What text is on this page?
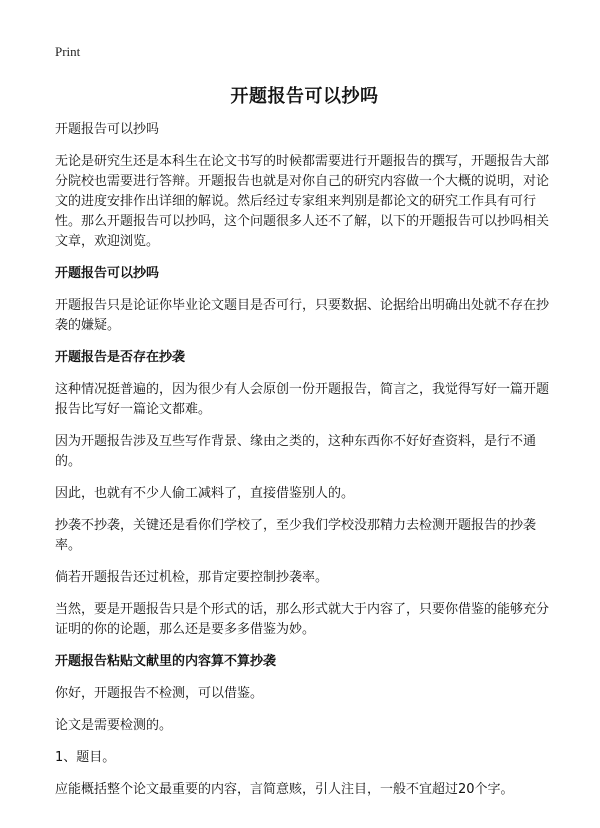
Print
开题报告可以抄吗

开题报告可以抄吗

无论是研究生还是本科生在论文书写的时候都需要进行开题报告的撰写，开题报告大部分院校也需要进行答辩。开题报告也就是对你自己的研究内容做一个大概的说明，对论文的进度安排作出详细的解说。然后经过专家组来判别是都论文的研究工作具有可行性。那么开题报告可以抄吗，这个问题很多人还不了解，以下的开题报告可以抄吗相关文章，欢迎浏览。

开题报告可以抄吗

开题报告只是论证你毕业论文题目是否可行，只要数据、论据给出明确出处就不存在抄袭的嫌疑。

开题报告是否存在抄袭

这种情况挺普遍的，因为很少有人会原创一份开题报告，简言之，我觉得写好一篇开题报告比写好一篇论文都难。

因为开题报告涉及互些写作背景、缘由之类的，这种东西你不好好查资料，是行不通的。

因此，也就有不少人偷工减料了，直接借鉴别人的。

抄袭不抄袭，关键还是看你们学校了，至少我们学校没那精力去检测开题报告的抄袭率。

倘若开题报告还过机检，那肯定要控制抄袭率。

当然，要是开题报告只是个形式的话，那么形式就大于内容了，只要你借鉴的能够充分证明的你的论题，那么还是要多多借鉴为妙。

开题报告粘贴文献里的内容算不算抄袭

你好，开题报告不检测，可以借鉴。

论文是需要检测的。

1、题目。

应能概括整个论文最重要的内容，言简意赅，引人注目，一般不宜超过20个字。
